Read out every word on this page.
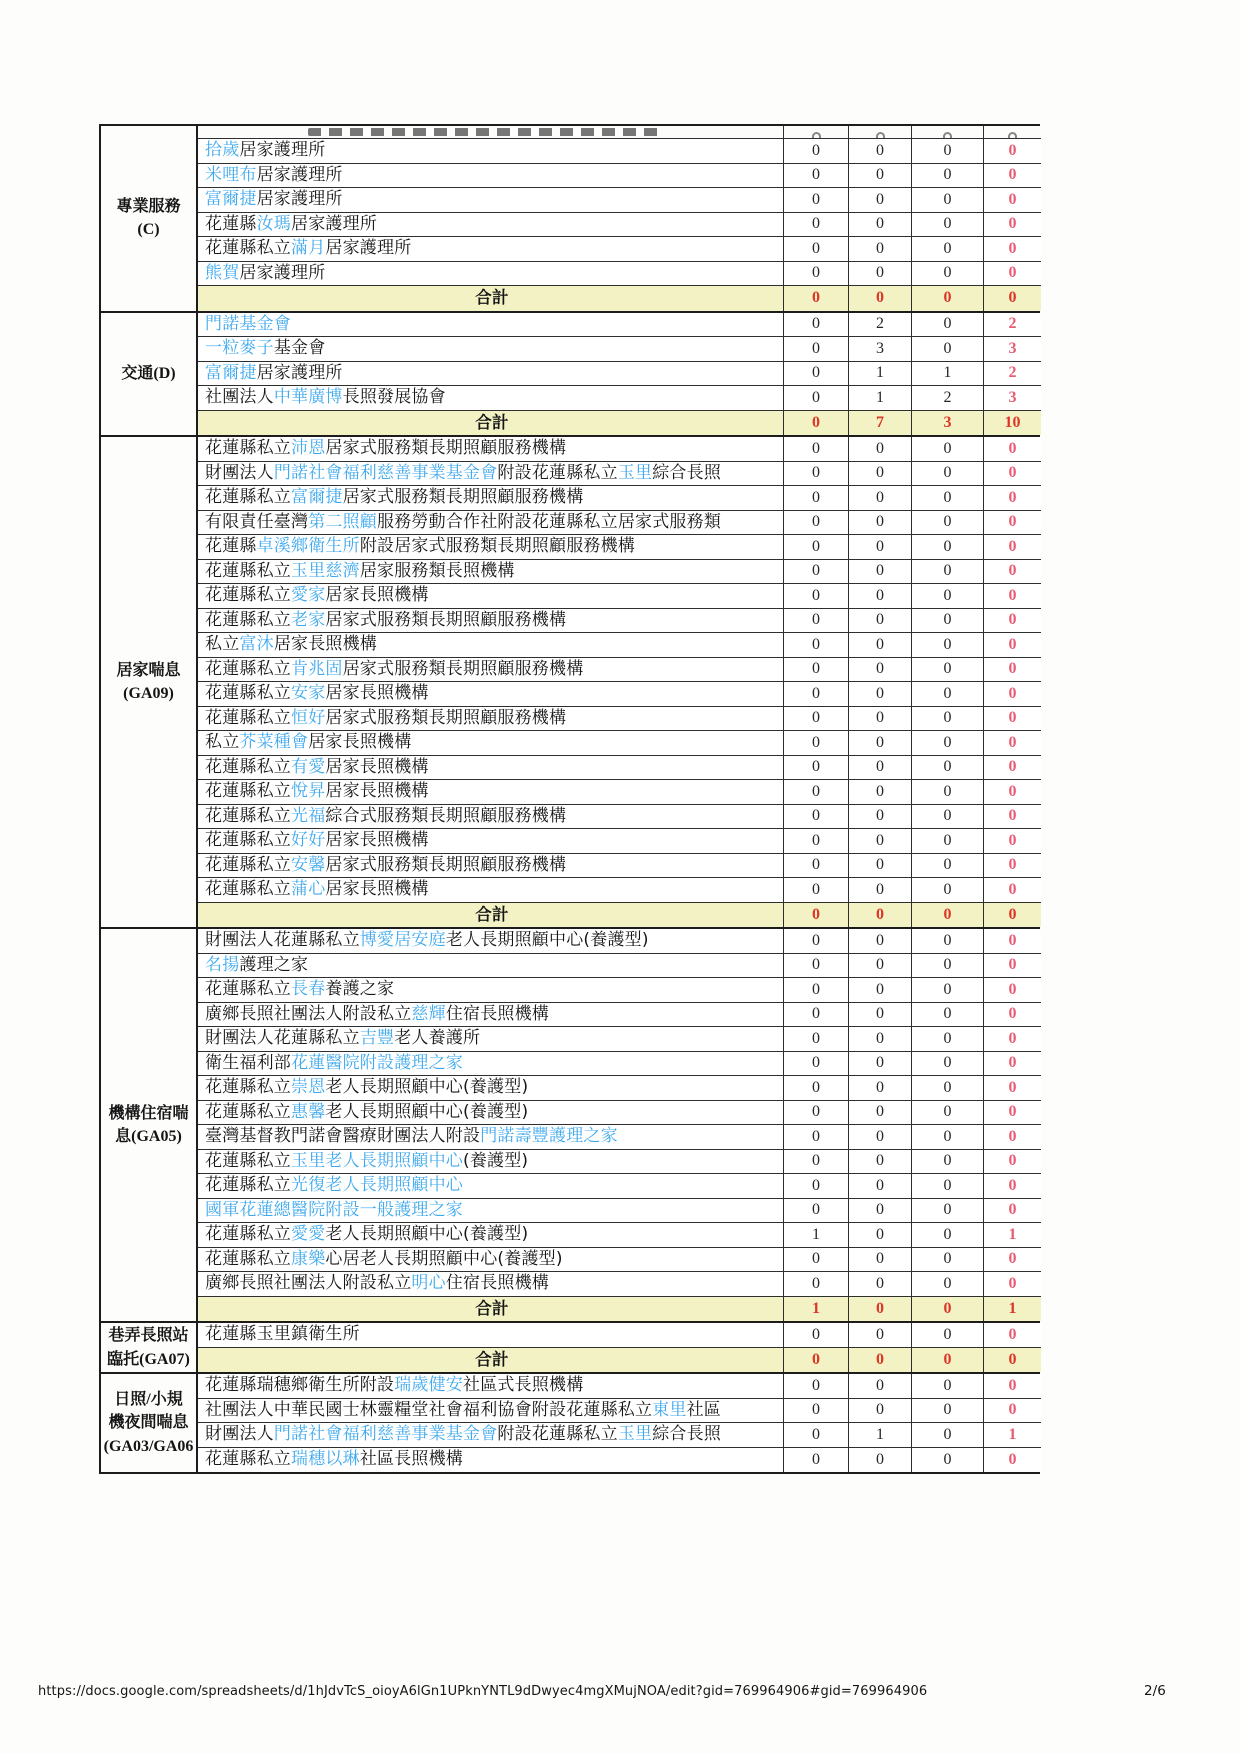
專業服務
(C)
拾歲 居家護理所	0	0	0	0
米哩布 居家護理所	0	0	0	0
富爾捷 居家護理所	0	0	0	0
花蓮縣 汝瑪 居家護理所	0	0	0	0
花蓮縣私立 滿月 居家護理所	0	0	0	0
熊賀 居家護理所	0	0	0	0
合計	0	0	0	0
交通(D)
門諾基金會	0	2	0	2
一粒麥子 基金會	0	3	0	3
富爾捷 居家護理所	0	1	1	2
社團法人 中華廣博 長照發展協會	0	1	2	3
合計	0	7	3	10
居家喘息
(GA09)
花蓮縣私立 沛恩 居家式服務類長期照顧服務機構	0	0	0	0
財團法人 門諾社會福利慈善事業基金會 附設花蓮縣私立 玉里 綜合長照	0	0	0	0
花蓮縣私立 富爾捷 居家式服務類長期照顧服務機構	0	0	0	0
有限責任臺灣 第二照顧 服務勞動合作社附設花蓮縣私立居家式服務類	0	0	0	0
花蓮縣 卓溪鄉衛生所 附設居家式服務類長期照顧服務機構	0	0	0	0
花蓮縣私立 玉里慈濟 居家服務類長照機構	0	0	0	0
花蓮縣私立 愛家 居家長照機構	0	0	0	0
花蓮縣私立 老家 居家式服務類長期照顧服務機構	0	0	0	0
私立 富沐 居家長照機構	0	0	0	0
花蓮縣私立 肯兆固 居家式服務類長期照顧服務機構	0	0	0	0
花蓮縣私立 安家 居家長照機構	0	0	0	0
花蓮縣私立 恒好 居家式服務類長期照顧服務機構	0	0	0	0
私立 芥菜種會 居家長照機構	0	0	0	0
花蓮縣私立 有愛 居家長照機構	0	0	0	0
花蓮縣私立 悅昇 居家長照機構	0	0	0	0
花蓮縣私立 光福 綜合式服務類長期照顧服務機構	0	0	0	0
花蓮縣私立 好好 居家長照機構	0	0	0	0
花蓮縣私立 安馨 居家式服務類長期照顧服務機構	0	0	0	0
花蓮縣私立 蒲心 居家長照機構	0	0	0	0
合計	0	0	0	0
機構住宿喘
息(GA05)
財團法人花蓮縣私立 博愛居安庭 老人長期照顧中心(養護型)	0	0	0	0
名揚 護理之家	0	0	0	0
花蓮縣私立 長春 養護之家	0	0	0	0
廣鄉長照社團法人附設私立 慈輝 住宿長照機構	0	0	0	0
財團法人花蓮縣私立 吉豐 老人養護所	0	0	0	0
衛生福利部 花蓮醫院附設護理之家	0	0	0	0
花蓮縣私立 崇恩 老人長期照顧中心(養護型)	0	0	0	0
花蓮縣私立 惠馨 老人長期照顧中心(養護型)	0	0	0	0
臺灣基督教門諾會醫療財團法人附設 門諾壽豐護理之家	0	0	0	0
花蓮縣私立 玉里老人長期照顧中心 (養護型)	0	0	0	0
花蓮縣私立 光復老人長期照顧中心	0	0	0	0
國軍花蓮總醫院附設一般護理之家	0	0	0	0
花蓮縣私立 愛愛 老人長期照顧中心(養護型)	1	0	0	1
花蓮縣私立 康樂 心居老人長期照顧中心(養護型)	0	0	0	0
廣鄉長照社團法人附設私立 明心 住宿長照機構	0	0	0	0
合計	1	0	0	1
巷弄長照站
臨托(GA07)
花蓮縣玉里鎮衛生所	0	0	0	0
合計	0	0	0	0
日照/小規
機夜間喘息
(GA03/GA06
花蓮縣瑞穗鄉衛生所附設 瑞歲健安 社區式長照機構	0	0	0	0
社團法人中華民國士林靈糧堂社會福利協會附設花蓮縣私立 東里 社區	0	0	0	0
財團法人 門諾社會福利慈善事業基金會 附設花蓮縣私立 玉里 綜合長照	0	1	0	1
花蓮縣私立 瑞穗以琳 社區長照機構	0	0	0	0
https://docs.google.com/spreadsheets/d/1hJdvTcS_oioyA6lGn1UPknYNTL9dDwyec4mgXMujNOA/edit?gid=769964906#gid=769964906	2/6
